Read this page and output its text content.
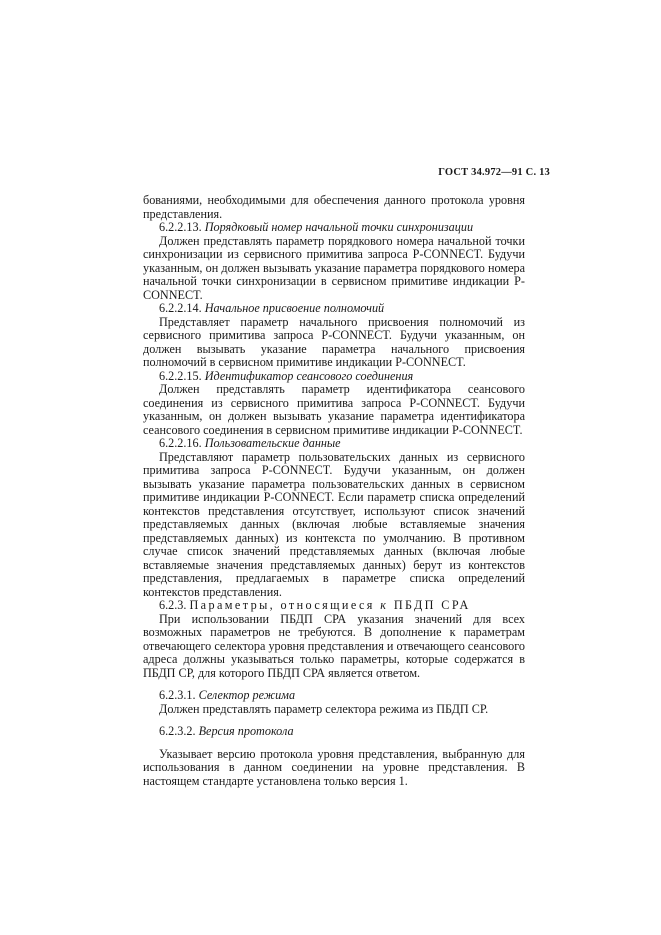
ГОСТ 34.972—91 С. 13

бованиями, необходимыми для обеспечения данного протокола уровня представления.

6.2.2.13. Порядковый номер начальной точки синхронизации

Должен представлять параметр порядкового номера начальной точки синхронизации из сервисного примитива запроса P-CONNECT. Будучи указанным, он должен вызывать указание параметра порядкового номера начальной точки синхронизации в сервисном примитиве индикации P-CONNECT.

6.2.2.14. Начальное присвоение полномочий

Представляет параметр начального присвоения полномочий из сервисного примитива запроса P-CONNECT. Будучи указанным, он должен вызывать указание параметра начального присвоения полномочий в сервисном примитиве индикации P-CONNECT.

6.2.2.15. Идентификатор сеансового соединения

Должен представлять параметр идентификатора сеансового соединения из сервисного примитива запроса P-CONNECT. Будучи указанным, он должен вызывать указание параметра идентификатора сеансового соединения в сервисном примитиве индикации P-CONNECT.

6.2.2.16. Пользовательские данные

Представляют параметр пользовательских данных из сервисного примитива запроса P-CONNECT. Будучи указанным, он должен вызывать указание параметра пользовательских данных в сервисном примитиве индикации P-CONNECT. Если параметр списка определений контекстов представления отсутствует, используют список значений представляемых данных (включая любые вставляемые значения представляемых данных) из контекста по умолчанию. В противном случае список значений представляемых данных (включая любые вставляемые значения представляемых данных) берут из контекстов представления, предлагаемых в параметре списка определений контекстов представления.

6.2.3. Параметры, относящиеся к ПБДП СРА

При использовании ПБДП СРА указания значений для всех возможных параметров не требуются. В дополнение к параметрам отвечающего селектора уровня представления и отвечающего сеансового адреса должны указываться только параметры, которые содержатся в ПБДП СР, для которого ПБДП СРА является ответом.

6.2.3.1. Селектор режима

Должен представлять параметр селектора режима из ПБДП СР.

6.2.3.2. Версия протокола

Указывает версию протокола уровня представления, выбранную для использования в данном соединении на уровне представления. В настоящем стандарте установлена только версия 1.
